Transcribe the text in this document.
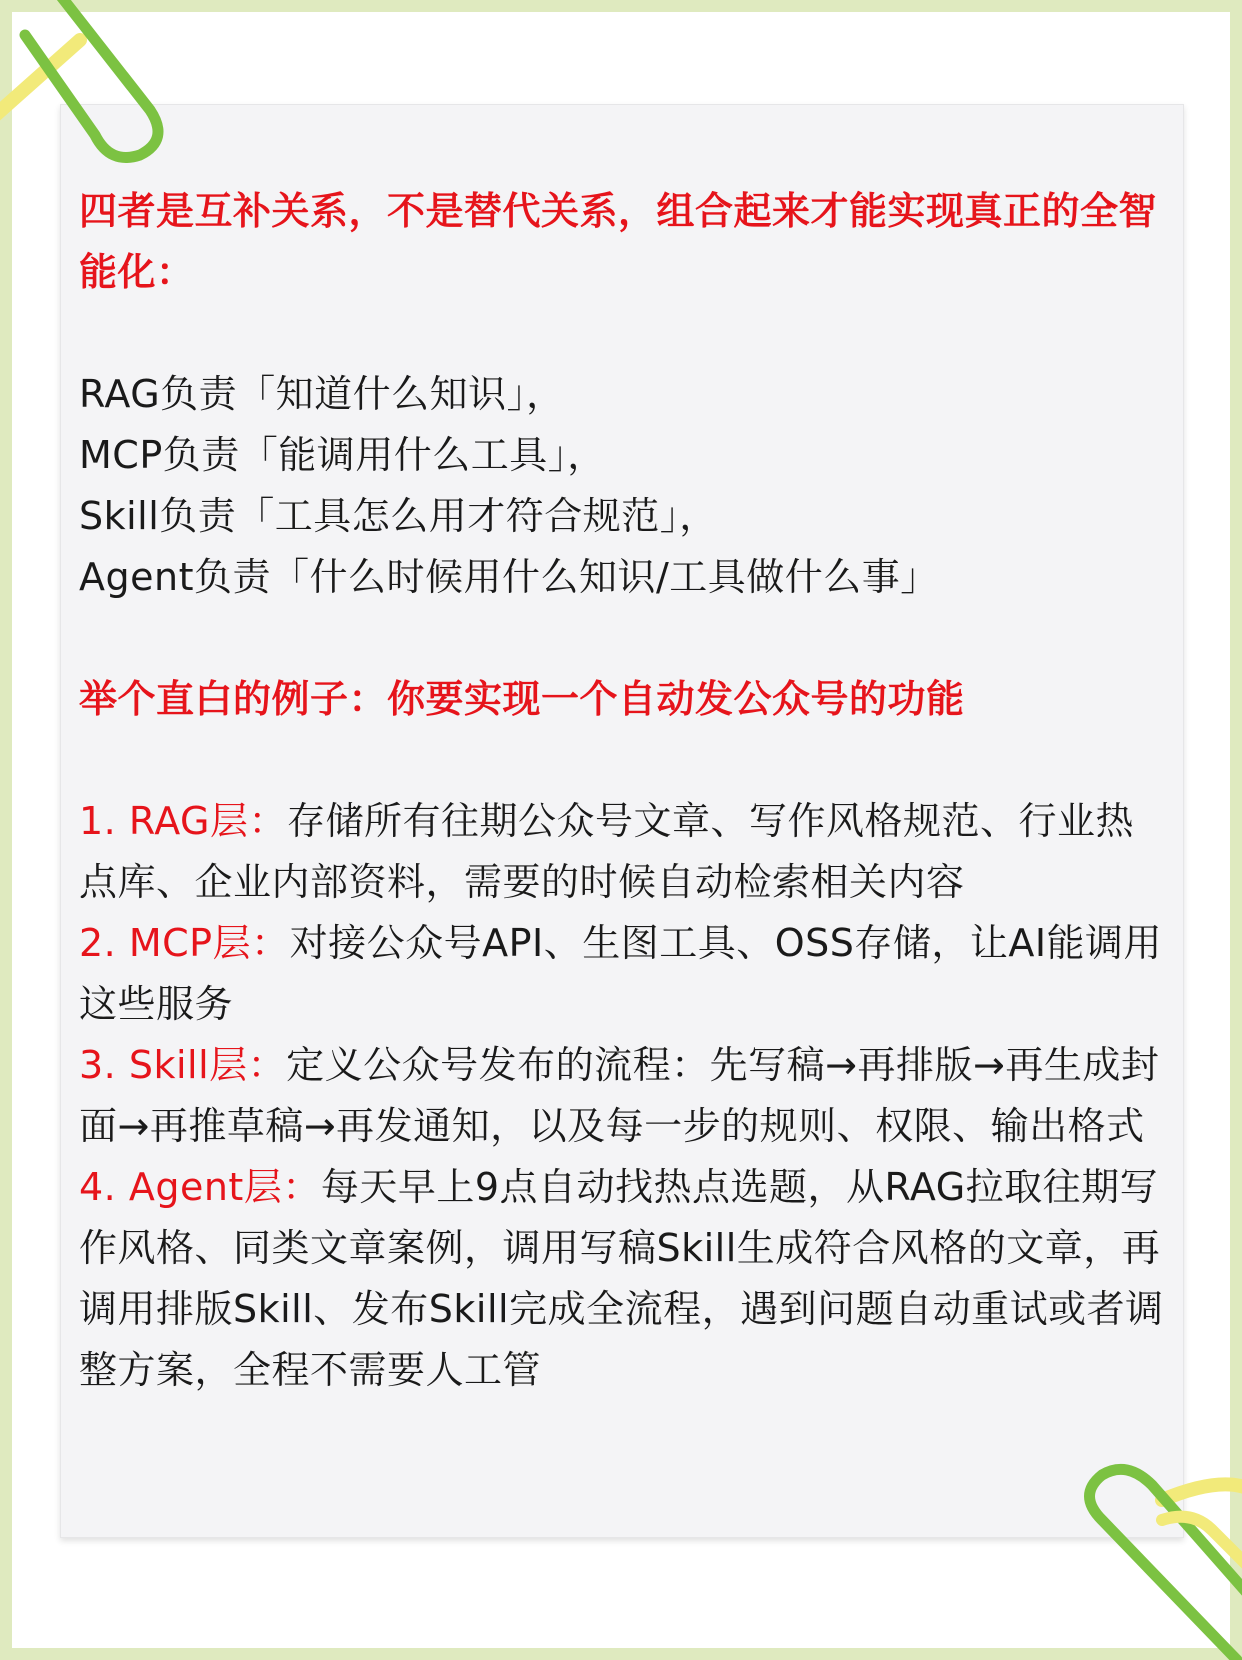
四者是互补关系，不是替代关系，组合起来才能实现真正的全智能化：

RAG负责「知道什么知识」，

MCP负责「能调用什么工具」，

Skill负责「工具怎么用才符合规范」，

Agent负责「什么时候用什么知识/工具做什么事」

举个直白的例子：你要实现一个自动发公众号的功能

1. RAG层：存储所有往期公众号文章、写作风格规范、行业热点库、企业内部资料，需要的时候自动检索相关内容

2. MCP层：对接公众号API、生图工具、OSS存储，让AI能调用这些服务

3. Skill层：定义公众号发布的流程：先写稿→再排版→再生成封面→再推草稿→再发通知，以及每一步的规则、权限、输出格式

4. Agent层：每天早上9点自动找热点选题，从RAG拉取往期写作风格、同类文章案例，调用写稿Skill生成符合风格的文章，再调用排版Skill、发布Skill完成全流程，遇到问题自动重试或者调整方案，全程不需要人工管
